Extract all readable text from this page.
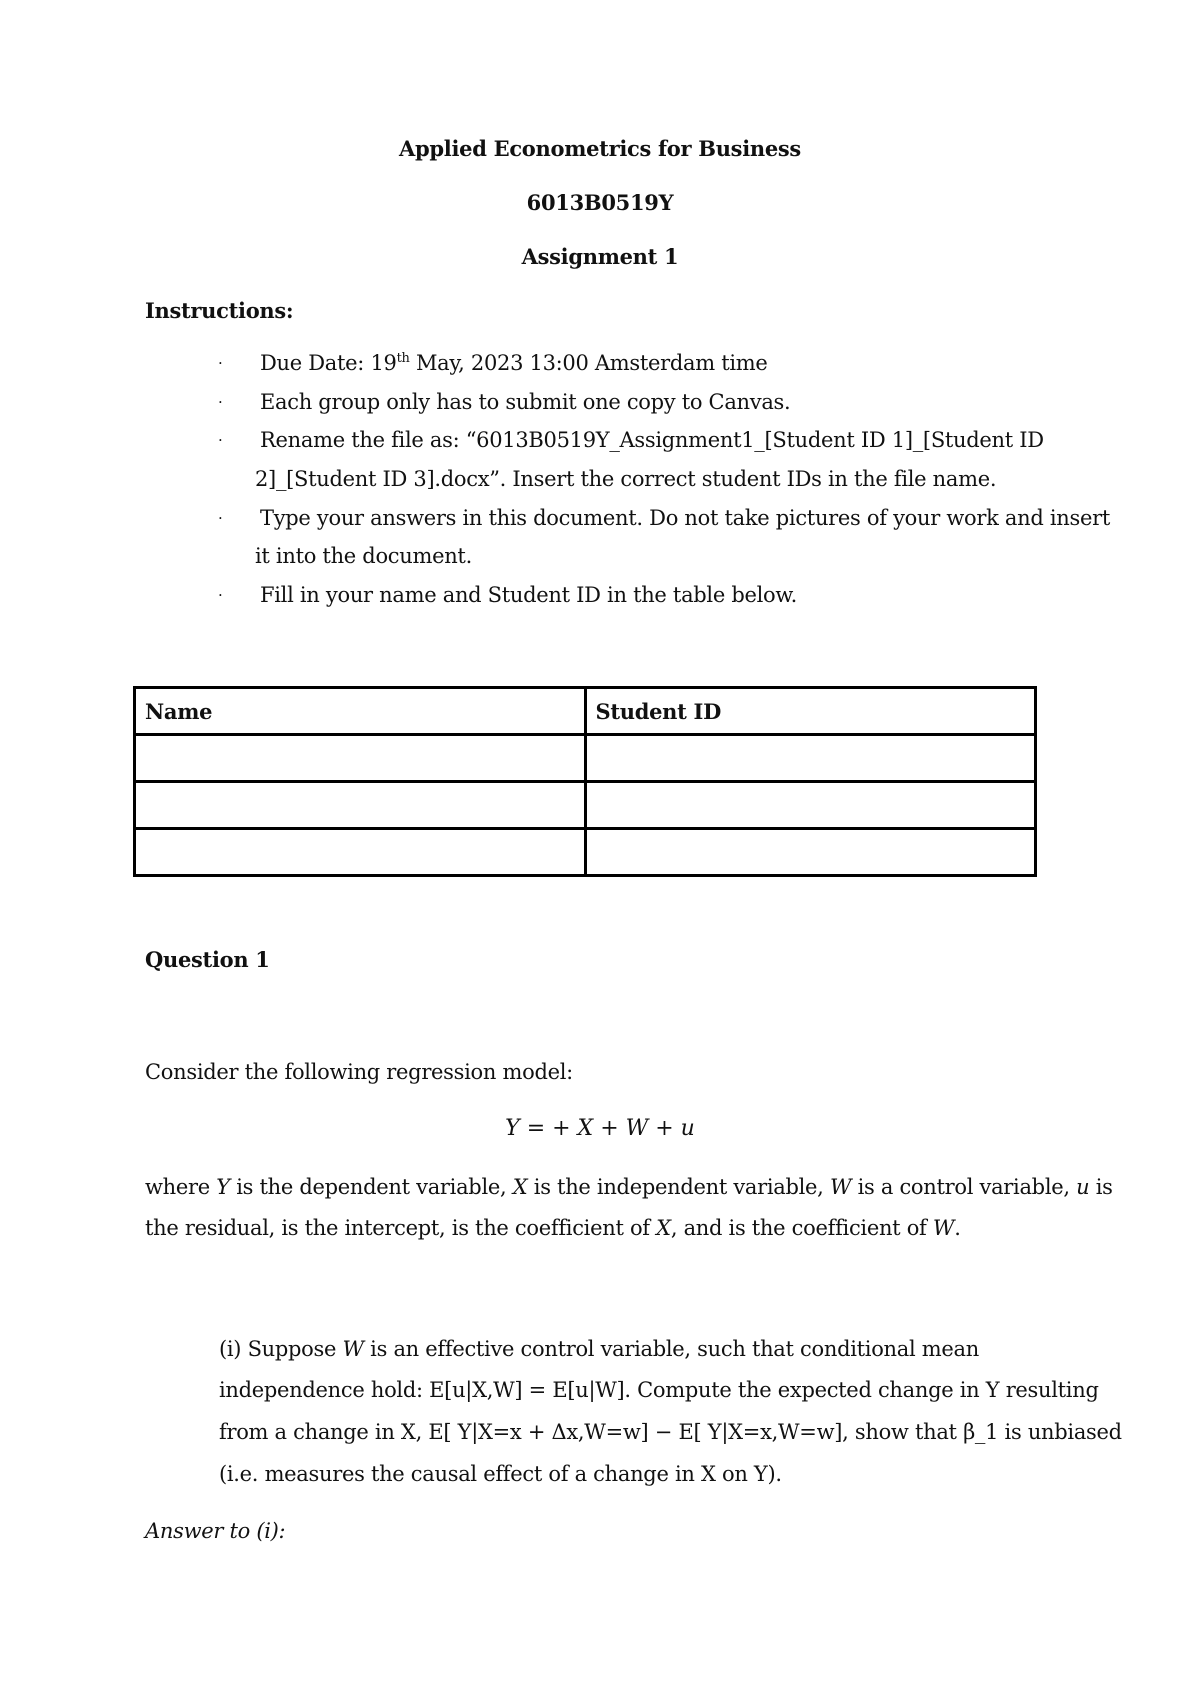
Applied Econometrics for Business
6013B0519Y
Assignment 1
Instructions:
· Due Date: 19th May, 2023 13:00 Amsterdam time
· Each group only has to submit one copy to Canvas.
· Rename the file as: “6013B0519Y_Assignment1_[Student ID 1]_[Student ID
2]_[Student ID 3].docx”. Insert the correct student IDs in the file name.
· Type your answers in this document. Do not take pictures of your work and insert
it into the document.
· Fill in your name and Student ID in the table below.
Name	Student ID

Question 1
Consider the following regression model:
Y = + X + W + u
where Y is the dependent variable, X is the independent variable, W is a control variable, u is
the residual, is the intercept, is the coefficient of X, and is the coefficient of W.
(i) Suppose W is an effective control variable, such that conditional mean
independence hold: E[u|X,W] = E[u|W]. Compute the expected change in Y resulting
from a change in X, E[ Y|X=x + Δx,W=w] − E[ Y|X=x,W=w], show that β_1 is unbiased
(i.e. measures the causal effect of a change in X on Y).
Answer to (i):
